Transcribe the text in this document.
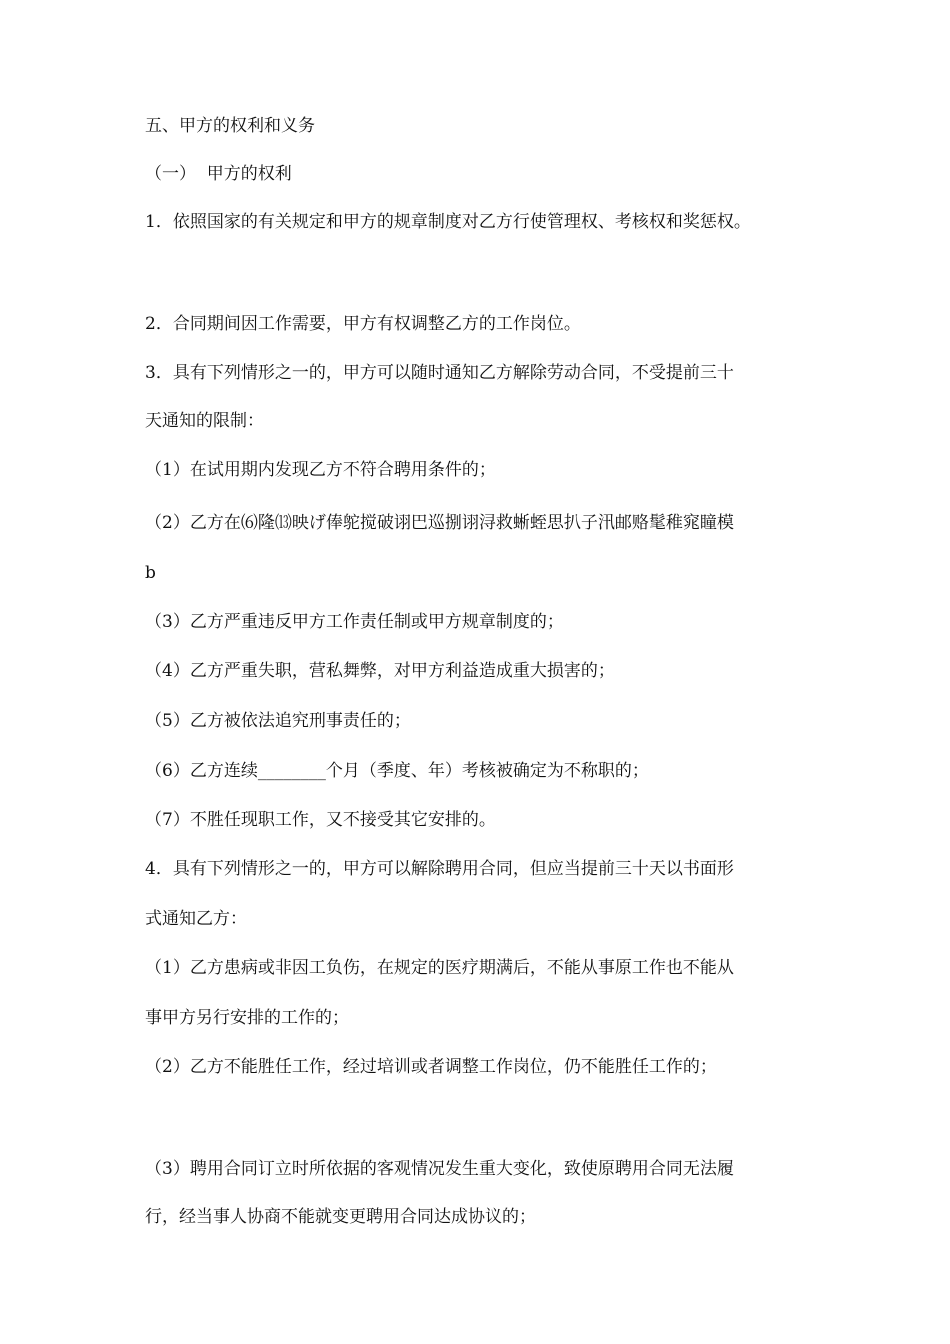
五、甲方的权利和义务
（一）  甲方的权利
1．依照国家的有关规定和甲方的规章制度对乙方行使管理权、考核权和奖惩权。
2．合同期间因工作需要，甲方有权调整乙方的工作岗位。
3．具有下列情形之一的，甲方可以随时通知乙方解除劳动合同，不受提前三十
天通知的限制：
（1）在试用期内发现乙方不符合聘用条件的；
（2）乙方在⑹隆⒀映げ俸鸵搅破诩巴巡捌诩浔救蜥蛭思扒子汛邮赂髦稚窕瞳模
b
（3）乙方严重违反甲方工作责任制或甲方规章制度的；
（4）乙方严重失职，营私舞弊，对甲方利益造成重大损害的；
（5）乙方被依法追究刑事责任的；
（6）乙方连续________个月（季度、年）考核被确定为不称职的；
（7）不胜任现职工作，又不接受其它安排的。
4．具有下列情形之一的，甲方可以解除聘用合同，但应当提前三十天以书面形
式通知乙方：
（1）乙方患病或非因工负伤，在规定的医疗期满后，不能从事原工作也不能从
事甲方另行安排的工作的；
（2）乙方不能胜任工作，经过培训或者调整工作岗位，仍不能胜任工作的；
（3）聘用合同订立时所依据的客观情况发生重大变化，致使原聘用合同无法履
行，经当事人协商不能就变更聘用合同达成协议的；
